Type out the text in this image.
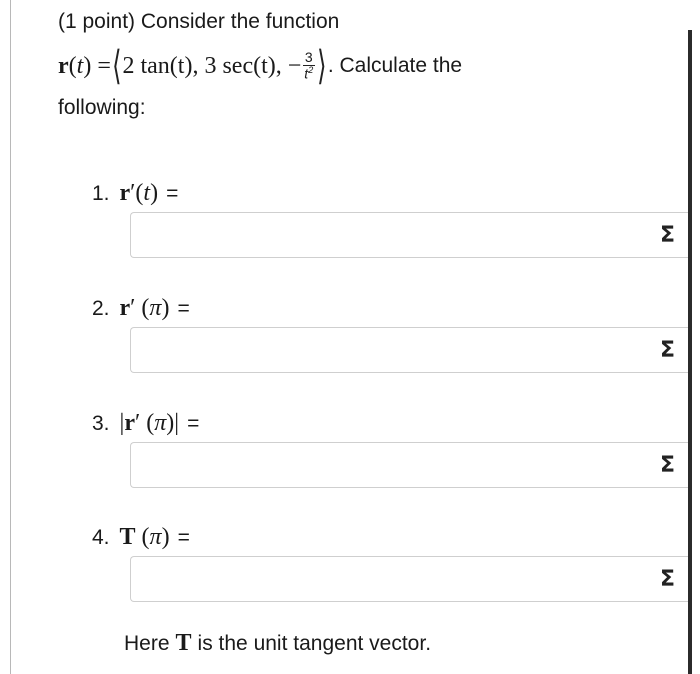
(1 point) Consider the function
r(t) = ⟨ 2 tan(t) , 3 sec(t) , − $\frac{3}{t^2}$ ⟩ . Calculate the
following:
1. r′(t) =
Σ
2. r′ (π) =
Σ
3. |r′ (π)| =
Σ
4. T (π) =
Σ
Here T is the unit tangent vector.
